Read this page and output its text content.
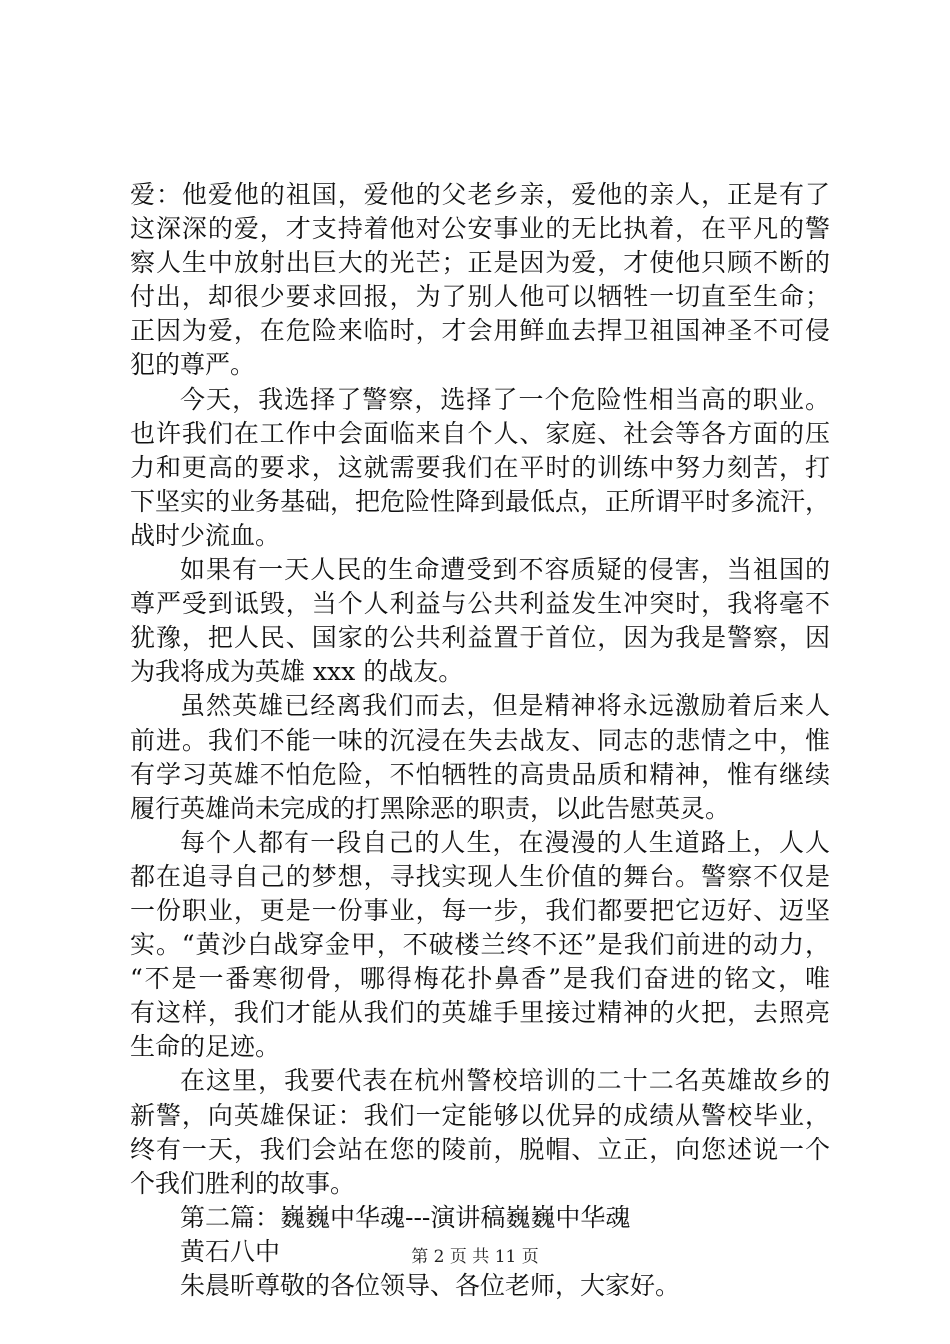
爱：他爱他的祖国，爱他的父老乡亲，爱他的亲人，正是有了
这深深的爱，才支持着他对公安事业的无比执着，在平凡的警
察人生中放射出巨大的光芒；正是因为爱，才使他只顾不断的
付出，却很少要求回报，为了别人他可以牺牲一切直至生命；
正因为爱，在危险来临时，才会用鲜血去捍卫祖国神圣不可侵
犯的尊严。
今天，我选择了警察，选择了一个危险性相当高的职业。
也许我们在工作中会面临来自个人、家庭、社会等各方面的压
力和更高的要求，这就需要我们在平时的训练中努力刻苦，打
下坚实的业务基础，把危险性降到最低点，正所谓平时多流汗，
战时少流血。
如果有一天人民的生命遭受到不容质疑的侵害，当祖国的
尊严受到诋毁，当个人利益与公共利益发生冲突时，我将毫不
犹豫，把人民、国家的公共利益置于首位，因为我是警察，因
为我将成为英雄 xxx 的战友。
虽然英雄已经离我们而去，但是精神将永远激励着后来人
前进。我们不能一味的沉浸在失去战友、同志的悲情之中，惟
有学习英雄不怕危险，不怕牺牲的高贵品质和精神，惟有继续
履行英雄尚未完成的打黑除恶的职责，以此告慰英灵。
每个人都有一段自己的人生，在漫漫的人生道路上，人人
都在追寻自己的梦想，寻找实现人生价值的舞台。警察不仅是
一份职业，更是一份事业，每一步，我们都要把它迈好、迈坚
实。“黄沙白战穿金甲，不破楼兰终不还”是我们前进的动力，
“不是一番寒彻骨，哪得梅花扑鼻香”是我们奋进的铭文，唯
有这样，我们才能从我们的英雄手里接过精神的火把，去照亮
生命的足迹。
在这里，我要代表在杭州警校培训的二十二名英雄故乡的
新警，向英雄保证：我们一定能够以优异的成绩从警校毕业，
终有一天，我们会站在您的陵前，脱帽、立正，向您述说一个
个我们胜利的故事。
第二篇：巍巍中华魂---演讲稿巍巍中华魂
黄石八中
朱晨昕尊敬的各位领导、各位老师，大家好。
第 2 页 共 11 页
